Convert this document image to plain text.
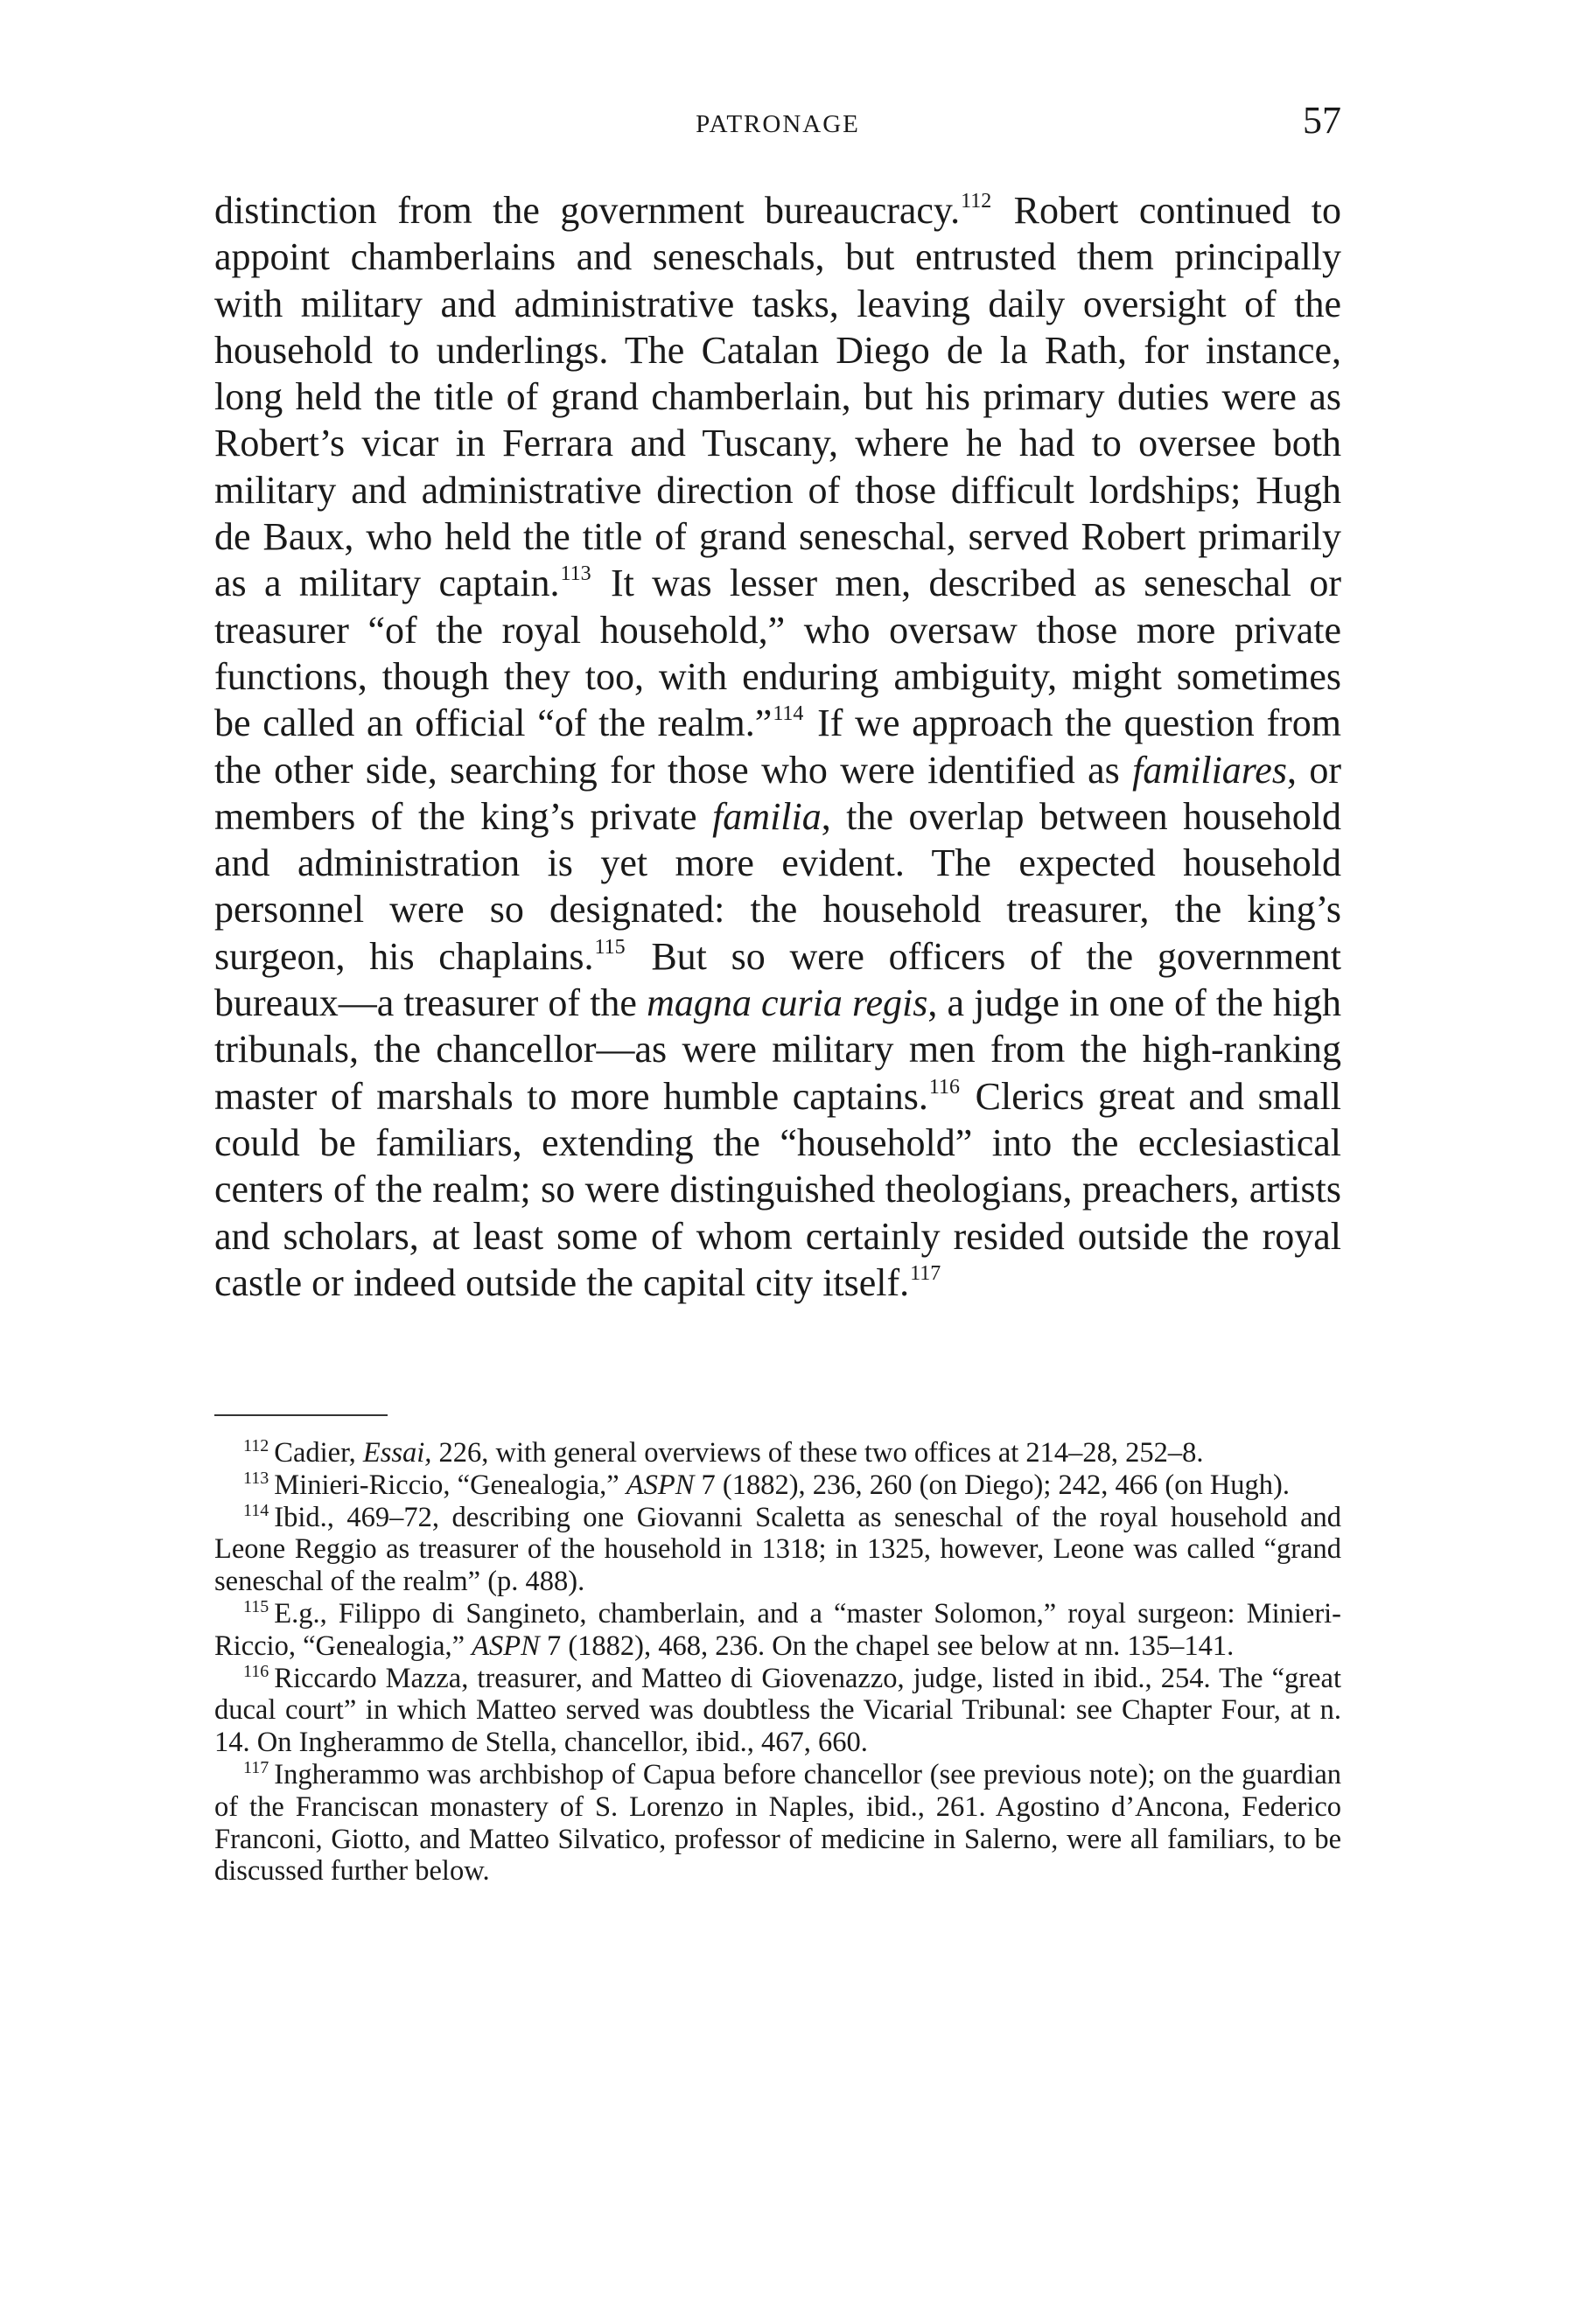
PATRONAGE	57

distinction from the government bureaucracy.$^{112}$ Robert continued to appoint chamberlains and seneschals, but entrusted them principally with military and administrative tasks, leaving daily oversight of the household to underlings. The Catalan Diego de la Rath, for instance, long held the title of grand chamberlain, but his primary duties were as Robert’s vicar in Ferrara and Tuscany, where he had to oversee both military and administrative direction of those difficult lordships; Hugh de Baux, who held the title of grand seneschal, served Robert primarily as a military captain.$^{113}$ It was lesser men, described as seneschal or treasurer “of the royal household,” who oversaw those more private functions, though they too, with enduring ambiguity, might sometimes be called an official “of the realm.”$^{114}$ If we approach the question from the other side, searching for those who were identified as familiares, or members of the king’s private familia, the overlap between household and administration is yet more evident. The expected household personnel were so designated: the household treasurer, the king’s surgeon, his chaplains.$^{115}$ But so were officers of the government bureaux—a treasurer of the magna curia regis, a judge in one of the high tribunals, the chancellor—as were military men from the high-ranking master of marshals to more humble captains.$^{116}$ Clerics great and small could be familiars, extending the “household” into the ecclesiastical centers of the realm; so were distinguished theologians, preachers, artists and scholars, at least some of whom certainly resided outside the royal castle or indeed outside the capital city itself.$^{117}$

$^{112}$ Cadier, Essai, 226, with general overviews of these two offices at 214–28, 252–8.

$^{113}$ Minieri-Riccio, “Genealogia,” ASPN 7 (1882), 236, 260 (on Diego); 242, 466 (on Hugh).

$^{114}$ Ibid., 469–72, describing one Giovanni Scaletta as seneschal of the royal household and Leone Reggio as treasurer of the household in 1318; in 1325, however, Leone was called “grand seneschal of the realm” (p. 488).

$^{115}$ E.g., Filippo di Sangineto, chamberlain, and a “master Solomon,” royal surgeon: Minieri-Riccio, “Genealogia,” ASPN 7 (1882), 468, 236. On the chapel see below at nn. 135–141.

$^{116}$ Riccardo Mazza, treasurer, and Matteo di Giovenazzo, judge, listed in ibid., 254. The “great ducal court” in which Matteo served was doubtless the Vicarial Tribunal: see Chapter Four, at n. 14. On Ingherammo de Stella, chancellor, ibid., 467, 660.

$^{117}$ Ingherammo was archbishop of Capua before chancellor (see previous note); on the guardian of the Franciscan monastery of S. Lorenzo in Naples, ibid., 261. Agostino d’Ancona, Federico Franconi, Giotto, and Matteo Silvatico, professor of medicine in Salerno, were all familiars, to be discussed further below.
